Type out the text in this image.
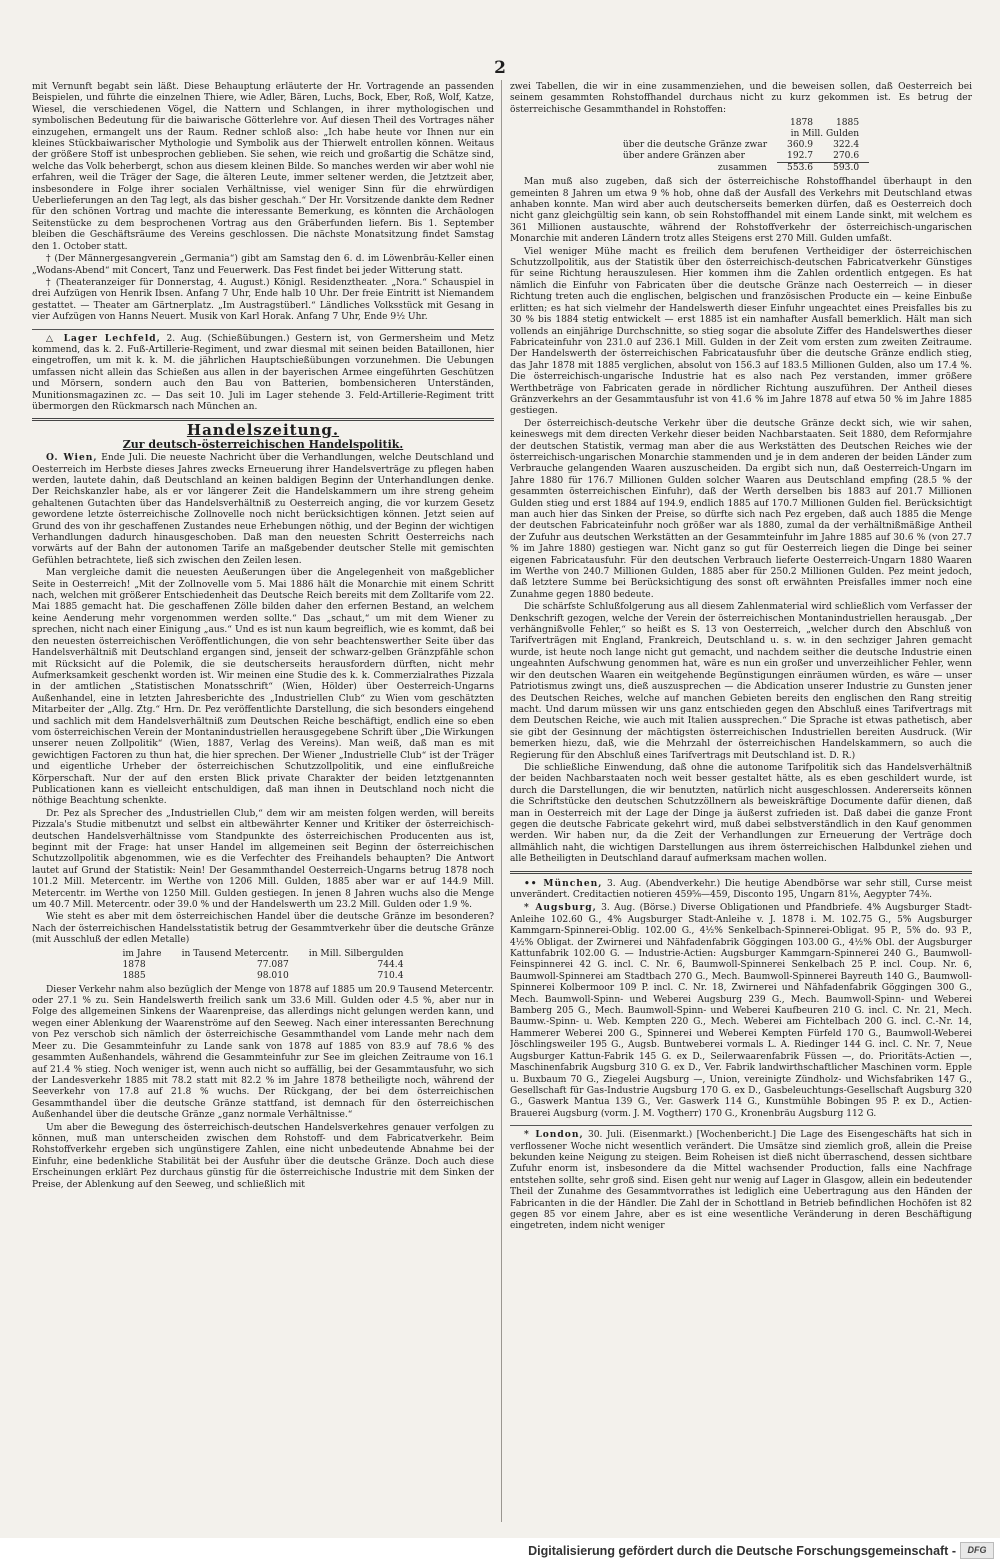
2

mit Vernunft begabt sein läßt. Diese Behauptung erläuterte der Hr. Vortragende an passenden Beispielen, und führte die einzelnen Thiere, wie Adler, Bären, Luchs, Bock, Eber, Roß, Wolf, Katze, Wiesel, die verschiedenen Vögel, die Nattern und Schlangen, in ihrer mythologischen und symbolischen Bedeutung für die baiwarische Götterlehre vor. Auf diesen Theil des Vortrages näher einzugehen, ermangelt uns der Raum. Redner schloß also: „Ich habe heute vor Ihnen nur ein kleines Stückbaiwarischer Mythologie und Symbolik aus der Thierwelt entrollen können. Weitaus der größere Stoff ist unbesprochen geblieben. Sie sehen, wie reich und großartig die Schätze sind, welche das Volk beherbergt, schon aus diesem kleinen Bilde. So manches werden wir aber wohl nie erfahren, weil die Träger der Sage, die älteren Leute, immer seltener werden, die Jetztzeit aber, insbesondere in Folge ihrer socialen Verhältnisse, viel weniger Sinn für die ehrwürdigen Ueberlieferungen an den Tag legt, als das bisher geschah.“ Der Hr. Vorsitzende dankte dem Redner für den schönen Vortrag und machte die interessante Bemerkung, es könnten die Archäologen Seitenstücke zu dem besprochenen Vortrag aus den Gräberfunden liefern. Bis 1. September bleiben die Geschäftsräume des Vereins geschlossen. Die nächste Monatsitzung findet Samstag den 1. October statt.

† (Der Männergesangverein „Germania“) gibt am Samstag den 6. d. im Löwenbräu-Keller einen „Wodans-Abend“ mit Concert, Tanz und Feuerwerk. Das Fest findet bei jeder Witterung statt.

† (Theateranzeiger für Donnerstag, 4. August.) Königl. Residenztheater. „Nora.“ Schauspiel in drei Aufzügen von Henrik Ibsen. Anfang 7 Uhr, Ende halb 10 Uhr. Der freie Eintritt ist Niemandem gestattet. — Theater am Gärtnerplatz. „Im Austragstüberl.“ Ländliches Volksstück mit Gesang in vier Aufzügen von Hanns Neuert. Musik von Karl Horak. Anfang 7 Uhr, Ende 9½ Uhr.

△ Lager Lechfeld, 2. Aug. (Schießübungen.) Gestern ist, von Germersheim und Metz kommend, das k. 2. Fuß-Artillerie-Regiment, und zwar diesmal mit seinen beiden Bataillonen, hier eingetroffen, um mit k. k. M. die jährlichen Hauptschießübungen vorzunehmen. Die Uebungen umfassen nicht allein das Schießen aus allen in der bayerischen Armee eingeführten Geschützen und Mörsern, sondern auch den Bau von Batterien, bombensicheren Unterständen, Munitionsmagazinen zc. — Das seit 10. Juli im Lager stehende 3. Feld-Artillerie-Regiment tritt übermorgen den Rückmarsch nach München an.

Handelszeitung.
Zur deutsch-österreichischen Handelspolitik.

O. Wien, Ende Juli. Die neueste Nachricht über die Verhandlungen, welche Deutschland und Oesterreich im Herbste dieses Jahres zwecks Erneuerung ihrer Handelsverträge zu pflegen haben werden, lautete dahin, daß Deutschland an keinen baldigen Beginn der Unterhandlungen denke. Der Reichskanzler habe, als er vor längerer Zeit die Handelskammern um ihre streng geheim gehaltenen Gutachten über das Handelsverhältniß zu Oesterreich anging, die vor kurzem Gesetz gewordene letzte österreichische Zollnovelle noch nicht berücksichtigen können. Jetzt seien auf Grund des von ihr geschaffenen Zustandes neue Erhebungen nöthig, und der Beginn der wichtigen Verhandlungen dadurch hinausgeschoben. Daß man den neuesten Schritt Oesterreichs nach vorwärts auf der Bahn der autonomen Tarife an maßgebender deutscher Stelle mit gemischten Gefühlen betrachtete, ließ sich zwischen den Zeilen lesen.

Man vergleiche damit die neuesten Aeußerungen über die Angelegenheit von maßgeblicher Seite in Oesterreich! „Mit der Zollnovelle vom 5. Mai 1886 hält die Monarchie mit einem Schritt nach, welchen mit größerer Entschiedenheit das Deutsche Reich bereits mit dem Zolltarife vom 22. Mai 1885 gemacht hat. Die geschaffenen Zölle bilden daher den erfernen Bestand, an welchem keine Aenderung mehr vorgenommen werden sollte.“ Das „schaut,“ um mit dem Wiener zu sprechen, nicht nach einer Einigung „aus.“ Und es ist nun kaum begreiflich, wie es kommt, daß bei den neuesten österreichischen Veröffentlichungen, die von sehr beachtenswerther Seite über das Handelsverhältniß mit Deutschland ergangen sind, jenseit der schwarz-gelben Gränzpfähle schon mit Rücksicht auf die Polemik, die sie deutscherseits herausfordern dürften, nicht mehr Aufmerksamkeit geschenkt worden ist. Wir meinen eine Studie des k. k. Commerzialrathes Pizzala in der amtlichen „Statistischen Monatsschrift“ (Wien, Hölder) über Oesterreich-Ungarns Außenhandel, eine in letzten Jahresberichte des „Industriellen Club“ zu Wien vom geschätzten Mitarbeiter der „Allg. Ztg.“ Hrn. Dr. Pez veröffentlichte Darstellung, die sich besonders eingehend und sachlich mit dem Handelsverhältniß zum Deutschen Reiche beschäftigt, endlich eine so eben vom österreichischen Verein der Montanindustriellen herausgegebene Schrift über „Die Wirkungen unserer neuen Zollpolitik“ (Wien, 1887, Verlag des Vereins). Man weiß, daß man es mit gewichtigen Factoren zu thun hat, die hier sprechen. Der Wiener „Industrielle Club“ ist der Träger und eigentliche Urheber der österreichischen Schutzzollpolitik, und eine einflußreiche Körperschaft. Nur der auf den ersten Blick private Charakter der beiden letztgenannten Publicationen kann es vielleicht entschuldigen, daß man ihnen in Deutschland noch nicht die nöthige Beachtung schenkte.

Dr. Pez als Sprecher des „Industriellen Club,“ dem wir am meisten folgen werden, will bereits Pizzala's Studie mitbenutzt und selbst ein altbewährter Kenner und Kritiker der österreichisch-deutschen Handelsverhältnisse vom Standpunkte des österreichischen Producenten aus ist, beginnt mit der Frage: hat unser Handel im allgemeinen seit Beginn der österreichischen Schutzzollpolitik abgenommen, wie es die Verfechter des Freihandels behaupten? Die Antwort lautet auf Grund der Statistik: Nein! Der Gesammthandel Oesterreich-Ungarns betrug 1878 noch 101.2 Mill. Metercentr. im Werthe von 1206 Mill. Gulden, 1885 aber war er auf 144.9 Mill. Metercentr. im Werthe von 1250 Mill. Gulden gestiegen. In jenen 8 Jahren wuchs also die Menge um 40.7 Mill. Metercentr. oder 39.0 % und der Handelswerth um 23.2 Mill. Gulden oder 1.9 %.

Wie steht es aber mit dem österreichischen Handel über die deutsche Gränze im besonderen? Nach der österreichischen Handelsstatistik betrug der Gesammtverkehr über die deutsche Gränze (mit Ausschluß der edlen Metalle)

im Jahre	in Tausend Metercentr.	in Mill. Silbergulden
1878	77.087	744.4
1885	98.010	710.4

Dieser Verkehr nahm also bezüglich der Menge von 1878 auf 1885 um 20.9 Tausend Metercentr. oder 27.1 % zu. Sein Handelswerth freilich sank um 33.6 Mill. Gulden oder 4.5 %, aber nur in Folge des allgemeinen Sinkens der Waarenpreise, das allerdings nicht gelungen werden kann, und wegen einer Ablenkung der Waarenströme auf den Seeweg. Nach einer interessanten Berechnung von Pez verschob sich nämlich der österreichische Gesammthandel vom Lande mehr nach dem Meer zu. Die Gesammteinfuhr zu Lande sank von 1878 auf 1885 von 83.9 auf 78.6 % des gesammten Außenhandels, während die Gesammteinfuhr zur See im gleichen Zeitraume von 16.1 auf 21.4 % stieg. Noch weniger ist, wenn auch nicht so auffällig, bei der Gesammtausfuhr, wo sich der Landesverkehr 1885 mit 78.2 statt mit 82.2 % im Jahre 1878 betheiligte noch, während der Seeverkehr von 17.8 auf 21.8 % wuchs. Der Rückgang, der bei dem österreichischen Gesammthandel über die deutsche Gränze stattfand, ist demnach für den österreichischen Außenhandel über die deutsche Gränze „ganz normale Verhältnisse.“

Um aber die Bewegung des österreichisch-deutschen Handelsverkehres genauer verfolgen zu können, muß man unterscheiden zwischen dem Rohstoff- und dem Fabricatverkehr. Beim Rohstoffverkehr ergeben sich ungünstigere Zahlen, eine nicht unbedeutende Abnahme bei der Einfuhr, eine bedenkliche Stabilität bei der Ausfuhr über die deutsche Gränze. Doch auch diese Erscheinungen erklärt Pez durchaus günstig für die österreichische Industrie mit dem Sinken der Preise, der Ablenkung auf den Seeweg, und schließlich mit

zwei Tabellen, die wir in eine zusammenziehen, und die beweisen sollen, daß Oesterreich bei seinem gesammten Rohstoffhandel durchaus nicht zu kurz gekommen ist. Es betrug der österreichische Gesammthandel in Rohstoffen:

	1878	1885
	in Mill. Gulden	
über die deutsche Gränze zwar	360.9	322.4
über andere Gränzen aber	192.7	270.6
zusammen	553.6	593.0

Man muß also zugeben, daß sich der österreichische Rohstoffhandel überhaupt in den gemeinten 8 Jahren um etwa 9 % hob, ohne daß der Ausfall des Verkehrs mit Deutschland etwas anhaben konnte. Man wird aber auch deutscherseits bemerken dürfen, daß es Oesterreich doch nicht ganz gleichgültig sein kann, ob sein Rohstoffhandel mit einem Lande sinkt, mit welchem es 361 Millionen austauschte, während der Rohstoffverkehr der österreichisch-ungarischen Monarchie mit anderen Ländern trotz alles Steigens erst 270 Mill. Gulden umfaßt.

Viel weniger Mühe macht es freilich dem berufenen Vertheidiger der österreichischen Schutzzollpolitik, aus der Statistik über den österreichisch-deutschen Fabricatverkehr Günstiges für seine Richtung herauszulesen. Hier kommen ihm die Zahlen ordentlich entgegen. Es hat nämlich die Einfuhr von Fabricaten über die deutsche Gränze nach Oesterreich — in dieser Richtung treten auch die englischen, belgischen und französischen Producte ein — keine Einbuße erlitten; es hat sich vielmehr der Handelswerth dieser Einfuhr ungeachtet eines Preisfalles bis zu 30 % bis 1884 stetig entwickelt — erst 1885 ist ein namhafter Ausfall bemerklich. Hält man sich vollends an einjährige Durchschnitte, so stieg sogar die absolute Ziffer des Handelswerthes dieser Fabricateinfuhr von 231.0 auf 236.1 Mill. Gulden in der Zeit vom ersten zum zweiten Zeitraume. Der Handelswerth der österreichischen Fabricatausfuhr über die deutsche Gränze endlich stieg, das Jahr 1878 mit 1885 verglichen, absolut von 156.3 auf 183.5 Millionen Gulden, also um 17.4 %. Die österreichisch-ungarische Industrie hat es also nach Pez verstanden, immer größere Werthbeträge von Fabricaten gerade in nördlicher Richtung auszuführen. Der Antheil dieses Gränzverkehrs an der Gesammtausfuhr ist von 41.6 % im Jahre 1878 auf etwa 50 % im Jahre 1885 gestiegen.

Der österreichisch-deutsche Verkehr über die deutsche Gränze deckt sich, wie wir sahen, keineswegs mit dem directen Verkehr dieser beiden Nachbarstaaten. Seit 1880, dem Reformjahre der deutschen Statistik, vermag man aber die aus Werkstätten des Deutschen Reiches wie der österreichisch-ungarischen Monarchie stammenden und je in dem anderen der beiden Länder zum Verbrauche gelangenden Waaren auszuscheiden. Da ergibt sich nun, daß Oesterreich-Ungarn im Jahre 1880 für 176.7 Millionen Gulden solcher Waaren aus Deutschland empfing (28.5 % der gesammten österreichischen Einfuhr), daß der Werth derselben bis 1883 auf 201.7 Millionen Gulden stieg und erst 1884 auf 194.9, endlich 1885 auf 170.7 Millionen Gulden fiel. Berücksichtigt man auch hier das Sinken der Preise, so dürfte sich nach Pez ergeben, daß auch 1885 die Menge der deutschen Fabricateinfuhr noch größer war als 1880, zumal da der verhältnißmäßige Antheil der Zufuhr aus deutschen Werkstätten an der Gesammteinfuhr im Jahre 1885 auf 30.6 % (von 27.7 % im Jahre 1880) gestiegen war. Nicht ganz so gut für Oesterreich liegen die Dinge bei seiner eigenen Fabricatausfuhr. Für den deutschen Verbrauch lieferte Oesterreich-Ungarn 1880 Waaren im Werthe von 240.7 Millionen Gulden, 1885 aber für 250.2 Millionen Gulden. Pez meint jedoch, daß letztere Summe bei Berücksichtigung des sonst oft erwähnten Preisfalles immer noch eine Zunahme gegen 1880 bedeute.

Die schärfste Schlußfolgerung aus all diesem Zahlenmaterial wird schließlich vom Verfasser der Denkschrift gezogen, welche der Verein der österreichischen Montanindustriellen herausgab. „Der verhängnißvolle Fehler,“ so heißt es S. 13 von Oesterreich, „welcher durch den Abschluß von Tarifverträgen mit England, Frankreich, Deutschland u. s. w. in den sechziger Jahren gemacht wurde, ist heute noch lange nicht gut gemacht, und nachdem seither die deutsche Industrie einen ungeahnten Aufschwung genommen hat, wäre es nun ein großer und unverzeihlicher Fehler, wenn wir den deutschen Waaren ein weitgehende Begünstigungen einräumen würden, es wäre — unser Patriotismus zwingt uns, dieß auszusprechen — die Abdication unserer Industrie zu Gunsten jener des Deutschen Reiches, welche auf manchen Gebieten bereits den englischen den Rang streitig macht. Und darum müssen wir uns ganz entschieden gegen den Abschluß eines Tarifvertrags mit dem Deutschen Reiche, wie auch mit Italien aussprechen.“ Die Sprache ist etwas pathetisch, aber sie gibt der Gesinnung der mächtigsten österreichischen Industriellen bereiten Ausdruck. (Wir bemerken hiezu, daß, wie die Mehrzahl der österreichischen Handelskammern, so auch die Regierung für den Abschluß eines Tarifvertrags mit Deutschland ist. D. R.)

Die schließliche Einwendung, daß ohne die autonome Tarifpolitik sich das Handelsverhältniß der beiden Nachbarstaaten noch weit besser gestaltet hätte, als es eben geschildert wurde, ist durch die Darstellungen, die wir benutzten, natürlich nicht ausgeschlossen. Andererseits können die Schriftstücke den deutschen Schutzzöllnern als beweiskräftige Documente dafür dienen, daß man in Oesterreich mit der Lage der Dinge ja äußerst zufrieden ist. Daß dabei die ganze Front gegen die deutsche Fabricate gekehrt wird, muß dabei selbstverständlich in den Kauf genommen werden. Wir haben nur, da die Zeit der Verhandlungen zur Erneuerung der Verträge doch allmählich naht, die wichtigen Darstellungen aus ihrem österreichischen Halbdunkel ziehen und alle Betheiligten in Deutschland darauf aufmerksam machen wollen.

•• München, 3. Aug. (Abendverkehr.) Die heutige Abendbörse war sehr still, Curse meist unverändert. Creditactien notieren 459⅝—459, Disconto 195, Ungarn 81⅛, Aegypter 74⅜.

* Augsburg, 3. Aug. (Börse.) Diverse Obligationen und Pfandbriefe. 4% Augsburger Stadt-Anleihe 102.60 G., 4% Augsburger Stadt-Anleihe v. J. 1878 i. M. 102.75 G., 5% Augsburger Kammgarn-Spinnerei-Oblig. 102.00 G., 4½% Senkelbach-Spinnerei-Obligat. 95 P., 5% do. 93 P., 4½% Obligat. der Zwirnerei und Nähfadenfabrik Göggingen 103.00 G., 4½% Obl. der Augsburger Kattunfabrik 102.00 G. — Industrie-Actien: Augsburger Kammgarn-Spinnerei 240 G., Baumwoll-Feinspinnerei 42 G. incl. C. Nr. 6, Baumwoll-Spinnerei Senkelbach 25 P. incl. Coup. Nr. 6, Baumwoll-Spinnerei am Stadtbach 270 G., Mech. Baumwoll-Spinnerei Bayreuth 140 G., Baumwoll-Spinnerei Kolbermoor 109 P. incl. C. Nr. 18, Zwirnerei und Nähfadenfabrik Göggingen 300 G., Mech. Baumwoll-Spinn- und Weberei Augsburg 239 G., Mech. Baumwoll-Spinn- und Weberei Bamberg 205 G., Mech. Baumwoll-Spinn- und Weberei Kaufbeuren 210 G. incl. C. Nr. 21, Mech. Baumw.-Spinn- u. Web. Kempten 220 G., Mech. Weberei am Fichtelbach 200 G. incl. C.-Nr. 14, Hammerer Weberei 200 G., Spinnerei und Weberei Kempten Fürfeld 170 G., Baumwoll-Weberei Jöschlingsweiler 195 G., Augsb. Buntweberei vormals L. A. Riedinger 144 G. incl. C. Nr. 7, Neue Augsburger Kattun-Fabrik 145 G. ex D., Seilerwaarenfabrik Füssen —, do. Prioritäts-Actien —, Maschinenfabrik Augsburg 310 G. ex D., Ver. Fabrik landwirthschaftlicher Maschinen vorm. Epple u. Buxbaum 70 G., Ziegelei Augsburg —, Union, vereinigte Zündholz- und Wichsfabriken 147 G., Gesellschaft für Gas-Industrie Augsburg 170 G. ex D., Gasbeleuchtungs-Gesellschaft Augsburg 320 G., Gaswerk Mantua 139 G., Ver. Gaswerk 114 G., Kunstmühle Bobingen 95 P. ex D., Actien-Brauerei Augsburg (vorm. J. M. Vogtherr) 170 G., Kronenbräu Augsburg 112 G.

* London, 30. Juli. (Eisenmarkt.) [Wochenbericht.] Die Lage des Eisengeschäfts hat sich in verflossener Woche nicht wesentlich verändert. Die Umsätze sind ziemlich groß, allein die Preise bekunden keine Neigung zu steigen. Beim Roheisen ist dieß nicht überraschend, dessen sichtbare Zufuhr enorm ist, insbesondere da die Mittel wachsender Production, falls eine Nachfrage entstehen sollte, sehr groß sind. Eisen geht nur wenig auf Lager in Glasgow, allein ein bedeutender Theil der Zunahme des Gesammtvorrathes ist lediglich eine Uebertragung aus den Händen der Fabricanten in die der Händler. Die Zahl der in Schottland in Betrieb befindlichen Hochöfen ist 82 gegen 85 vor einem Jahre, aber es ist eine wesentliche Veränderung in deren Beschäftigung eingetreten, indem nicht weniger

Digitalisierung gefördert durch die Deutsche Forschungsgemeinschaft -	DFG
